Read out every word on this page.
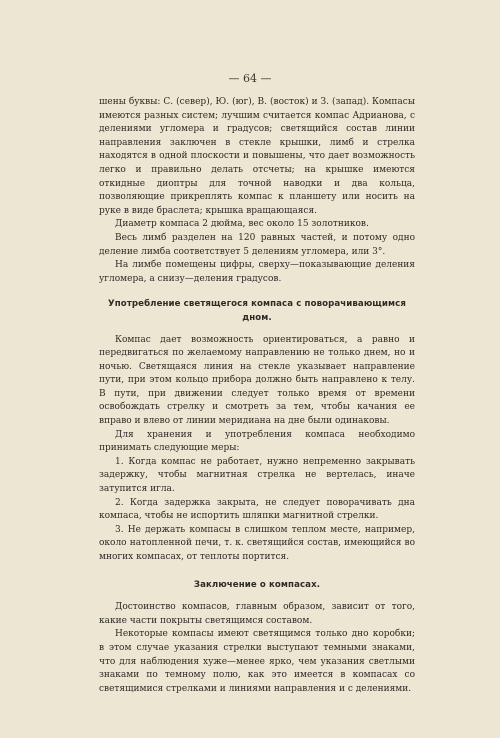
— 64 —

шены буквы: С. (север), Ю. (юг), В. (восток) и З. (запад). Компасы имеются разных систем; лучшим считается компас Адрианова, с делениями угломера и градусов; светящийся состав линии направления заключен в стекле крышки, лимб и стрелка находятся в одной плоскости и повышены, что дает возможность легко и правильно делать отсчеты; на крышке имеются откидные диоптры для точной наводки и два кольца, позволяющие прикреплять компас к планшету или носить на руке в виде браслета; крышка вращающаяся.

Диаметр компаса 2 дюйма, вес около 15 золотников.

Весь лимб разделен на 120 равных частей, и потому одно деление лимба соответствует 5 делениям угломера, или 3°.

На лимбе помещены цифры, сверху—показывающие деления угломера, а снизу—деления градусов.

Употребление светящегося компаса с поворачивающимся дном.

Компас дает возможность ориентироваться, а равно и передвигаться по желаемому направлению не только днем, но и ночью. Светящаяся линия на стекле указывает направление пути, при этом кольцо прибора должно быть направлено к телу. В пути, при движении следует только время от времени освобождать стрелку и смотреть за тем, чтобы качания ее вправо и влево от линии меридиана на дне были одинаковы.

Для хранения и употребления компаса необходимо принимать следующие меры:

1. Когда компас не работает, нужно непременно закрывать задержку, чтобы магнитная стрелка не вертелась, иначе затупится игла.

2. Когда задержка закрыта, не следует поворачивать дна компаса, чтобы не испортить шляпки магнитной стрелки.

3. Не держать компасы в слишком теплом месте, например, около натопленной печи, т. к. светящийся состав, имеющийся во многих компасах, от теплоты портится.

Заключение о компасах.

Достоинство компасов, главным образом, зависит от того, какие части покрыты светящимся составом.

Некоторые компасы имеют светящимся только дно коробки; в этом случае указания стрелки выступают темными знаками, что для наблюдения хуже—менее ярко, чем указания светлыми знаками по темному полю, как это имеется в компасах со светящимися стрелками и линиями направления и с делениями.
